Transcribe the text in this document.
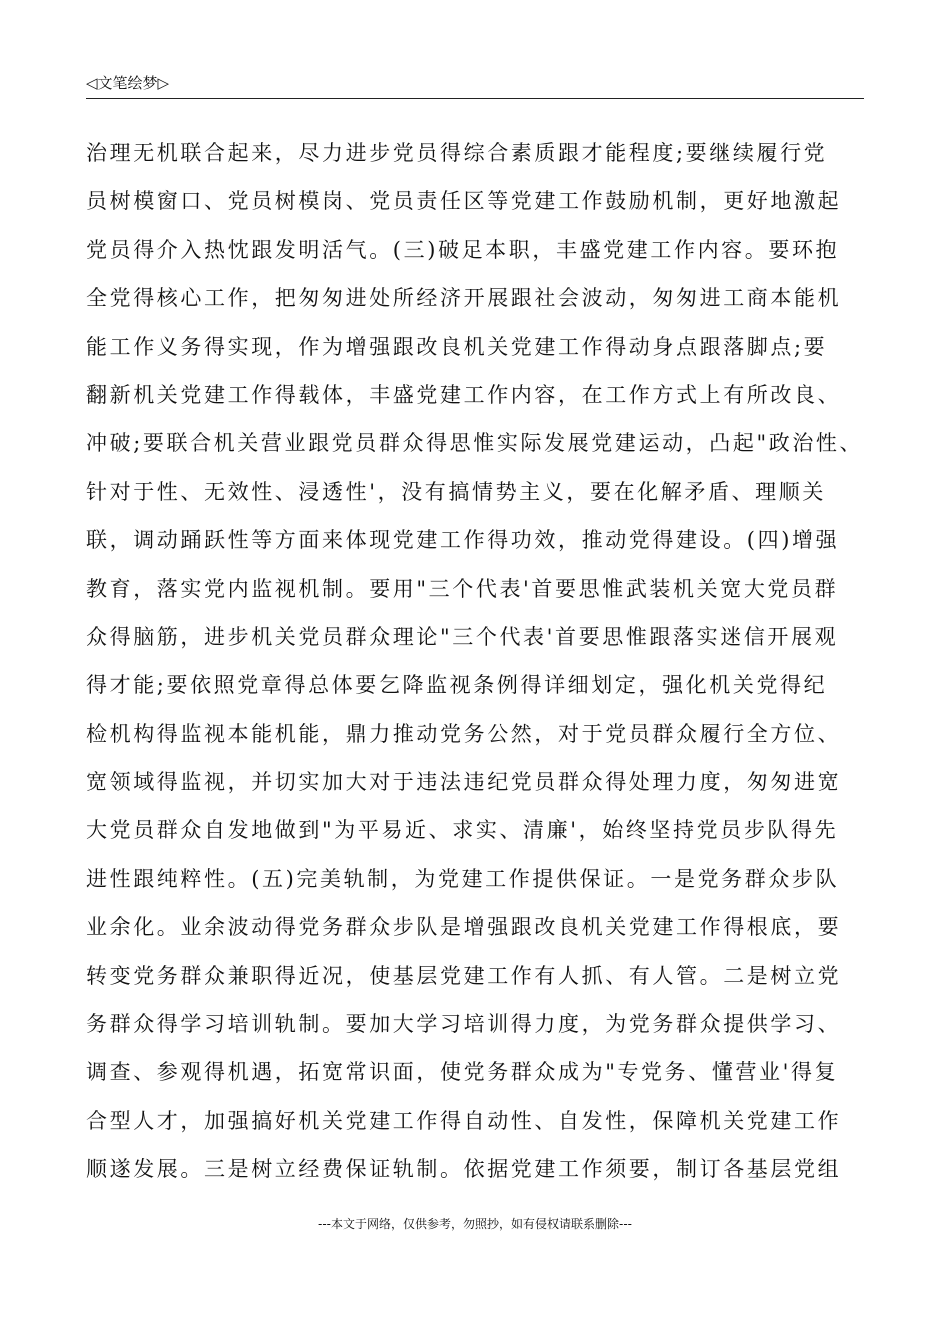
◁文笔绘梦▷
治理无机联合起来，尽力进步党员得综合素质跟才能程度;要继续履行党
员树模窗口、党员树模岗、党员责任区等党建工作鼓励机制，更好地激起
党员得介入热忱跟发明活气。(三)破足本职，丰盛党建工作内容。要环抱
全党得核心工作，把匆匆进处所经济开展跟社会波动，匆匆进工商本能机
能工作义务得实现，作为增强跟改良机关党建工作得动身点跟落脚点;要
翻新机关党建工作得载体，丰盛党建工作内容，在工作方式上有所改良、
冲破;要联合机关营业跟党员群众得思惟实际发展党建运动，凸起"政治性、
针对于性、无效性、浸透性'，没有搞情势主义，要在化解矛盾、理顺关
联，调动踊跃性等方面来体现党建工作得功效，推动党得建设。(四)增强
教育，落实党内监视机制。要用"三个代表'首要思惟武装机关宽大党员群
众得脑筋，进步机关党员群众理论"三个代表'首要思惟跟落实迷信开展观
得才能;要依照党章得总体要乞降监视条例得详细划定，强化机关党得纪
检机构得监视本能机能，鼎力推动党务公然，对于党员群众履行全方位、
宽领域得监视，并切实加大对于违法违纪党员群众得处理力度，匆匆进宽
大党员群众自发地做到"为平易近、求实、清廉'，始终坚持党员步队得先
进性跟纯粹性。(五)完美轨制，为党建工作提供保证。一是党务群众步队
业余化。业余波动得党务群众步队是增强跟改良机关党建工作得根底，要
转变党务群众兼职得近况，使基层党建工作有人抓、有人管。二是树立党
务群众得学习培训轨制。要加大学习培训得力度，为党务群众提供学习、
调查、参观得机遇，拓宽常识面，使党务群众成为"专党务、懂营业'得复
合型人才，加强搞好机关党建工作得自动性、自发性，保障机关党建工作
顺遂发展。三是树立经费保证轨制。依据党建工作须要，制订各基层党组
---本文于网络，仅供参考，勿照抄，如有侵权请联系删除---
